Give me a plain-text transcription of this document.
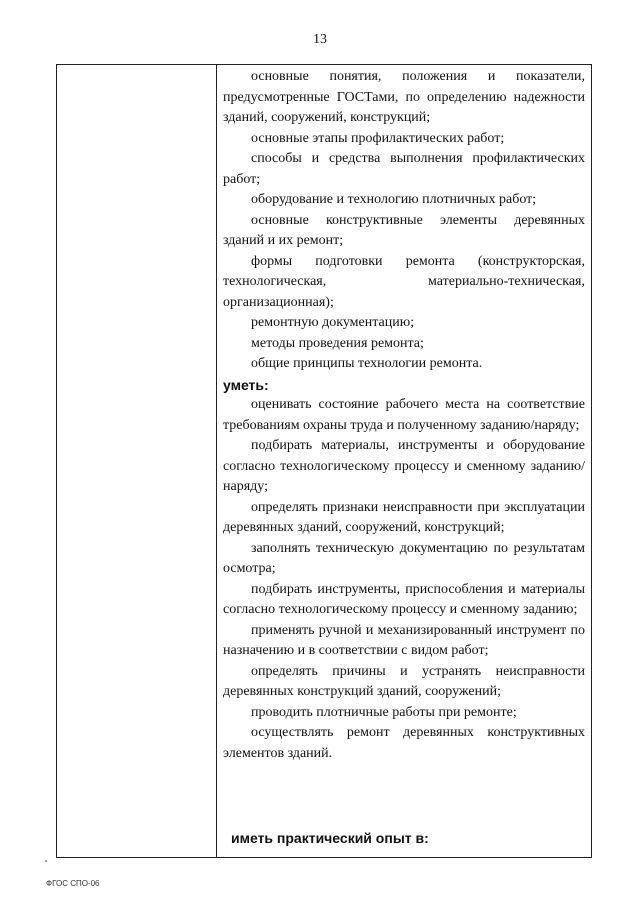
13

основные понятия, положения и показатели, предусмотренные ГОСТами, по определению надежности зданий, сооружений, конструкций;

основные этапы профилактических работ;

способы и средства выполнения профилактических работ;

оборудование и технологию плотничных работ;

основные конструктивные элементы деревянных зданий и их ремонт;

формы подготовки ремонта (конструкторская, технологическая, материально-техническая, организационная);

ремонтную документацию;

методы проведения ремонта;

общие принципы технологии ремонта.

уметь:

оценивать состояние рабочего места на соответствие требованиям охраны труда и полученному заданию/наряду;

подбирать материалы, инструменты и оборудование согласно технологическому процессу и сменному заданию/наряду;

определять признаки неисправности при эксплуатации деревянных зданий, сооружений, конструкций;

заполнять техническую документацию по результатам осмотра;

подбирать инструменты, приспособления и материалы согласно технологическому процессу и сменному заданию;

применять ручной и механизированный инструмент по назначению и в соответствии с видом работ;

определять причины и устранять неисправности деревянных конструкций зданий, сооружений;

проводить плотничные работы при ремонте;

осуществлять ремонт деревянных конструктивных элементов зданий.

иметь практический опыт в:

ФГОС СПО-06
